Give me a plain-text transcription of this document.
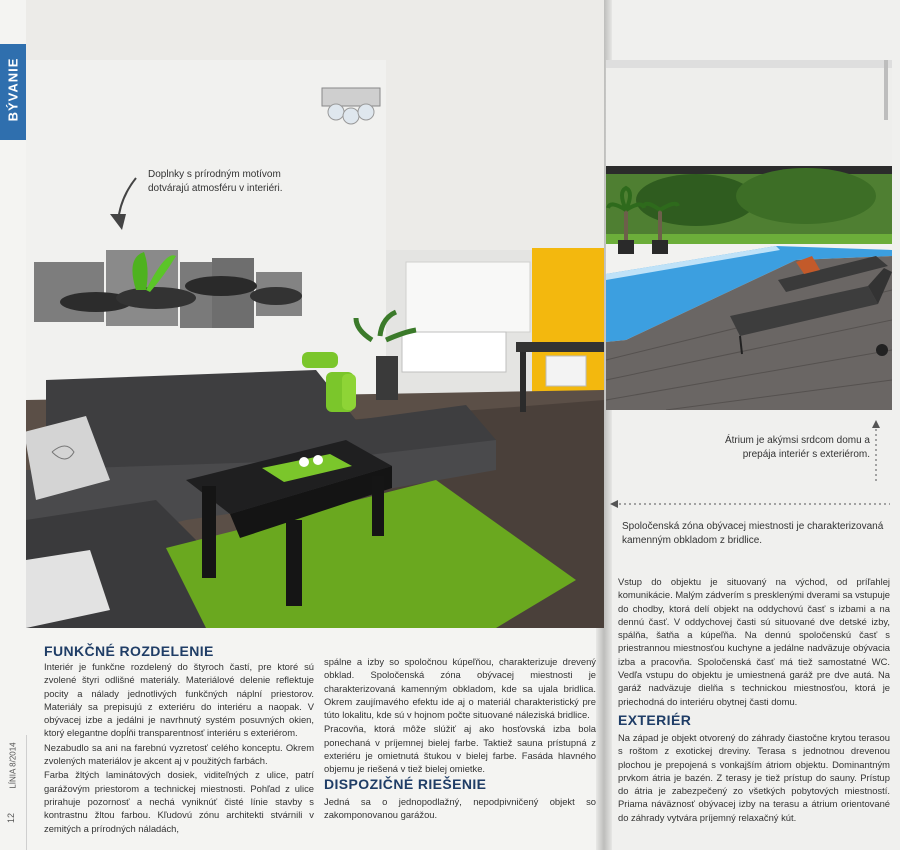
BÝVANIE
Doplnky s prírodným motívom dotvárajú atmosféru v interiéri.
Átrium je akýmsi srdcom domu a prepája interiér s exteriérom.
Spoločenská zóna obývacej miestnosti je charakterizovaná kamenným obkladom z bridlice.
FUNKČNÉ ROZDELENIE

Interiér je funkčne rozdelený do štyroch častí, pre ktoré sú zvolené štyri odlišné materiály. Materiálové delenie reflektuje pocity a nálady jednotlivých funkčných náplní priestorov. Materiály sa prepisujú z exteriéru do interiéru a naopak. V obývacej izbe a jedálni je navrhnutý systém posuvných okien, ktorý elegantne dopĺňi transparentnosť interiéru s exteriérom.

Nezabudlo sa ani na farebnú vyzretosť celého konceptu. Okrem zvolených materiálov je akcent aj v použitých farbách.

Farba žltých laminátových dosiek, viditeľných z ulice, patrí garážovým priestorom a technickej miestnosti. Pohľad z ulice prirahuje pozornosť a nechá vyniknúť čisté línie stavby s kontrastnu žltou farbou. Kľudovú zónu architekti stvárnili v zemitých a prírodných náladách,

spálne a izby so spoločnou kúpeľňou, charakterizuje drevený obklad. Spoločenská zóna obývacej miestnosti je charakterizovaná kamenným obkladom, kde sa ujala bridlica. Okrem zaujímavého efektu ide aj o materiál charakteristický pre túto lokalitu, kde sú v hojnom počte situované náleziská bridlice.

Pracovňa, ktorá môže slúžiť aj ako hosťovská izba bola ponechaná v príjemnej bielej farbe. Taktiež sauna prístupná z exteriéru je omietnutá štukou v bielej farbe. Fasáda hlavného objemu je riešená v tiež bielej omietke.

DISPOZIČNÉ RIEŠENIE

Jedná sa o jednopodlažný, nepodpivničený objekt so zakomponovanou garážou.

Vstup do objektu je situovaný na východ, od príľahlej komunikácie. Malým zádverím s presklenými dverami sa vstupuje do chodby, ktorá delí objekt na oddychovú časť s izbami a na dennú časť. V oddychovej časti sú situované dve detské izby, spálňa, šatňa a kúpeľňa. Na dennú spoločenskú časť s priestrannou miestnosťou kuchyne a jedálne nadväzuje obývacia izba a pracovňa. Spoločenská časť má tiež samostatné WC. Vedľa vstupu do objektu je umiestnená garáž pre dve autá. Na garáž nadväzuje dielňa s technickou miestnosťou, ktorá je priechodná do interiéru obytnej časti domu.

EXTERIÉR

Na západ je objekt otvorený do záhrady čiastočne krytou terasou s roštom z exotickej dreviny. Terasa s jednotnou drevenou plochou je prepojená s vonkajším átriom objektu. Dominantným prvkom átria je bazén. Z terasy je tiež prístup do sauny. Prístup do átria je zabezpečený zo všetkých pobytových miestností. Priama náväznosť obývacej izby na terasu a átrium orientované do záhrady vytvára príjemný relaxačný kút.

LÍNIA 8/2014
12
